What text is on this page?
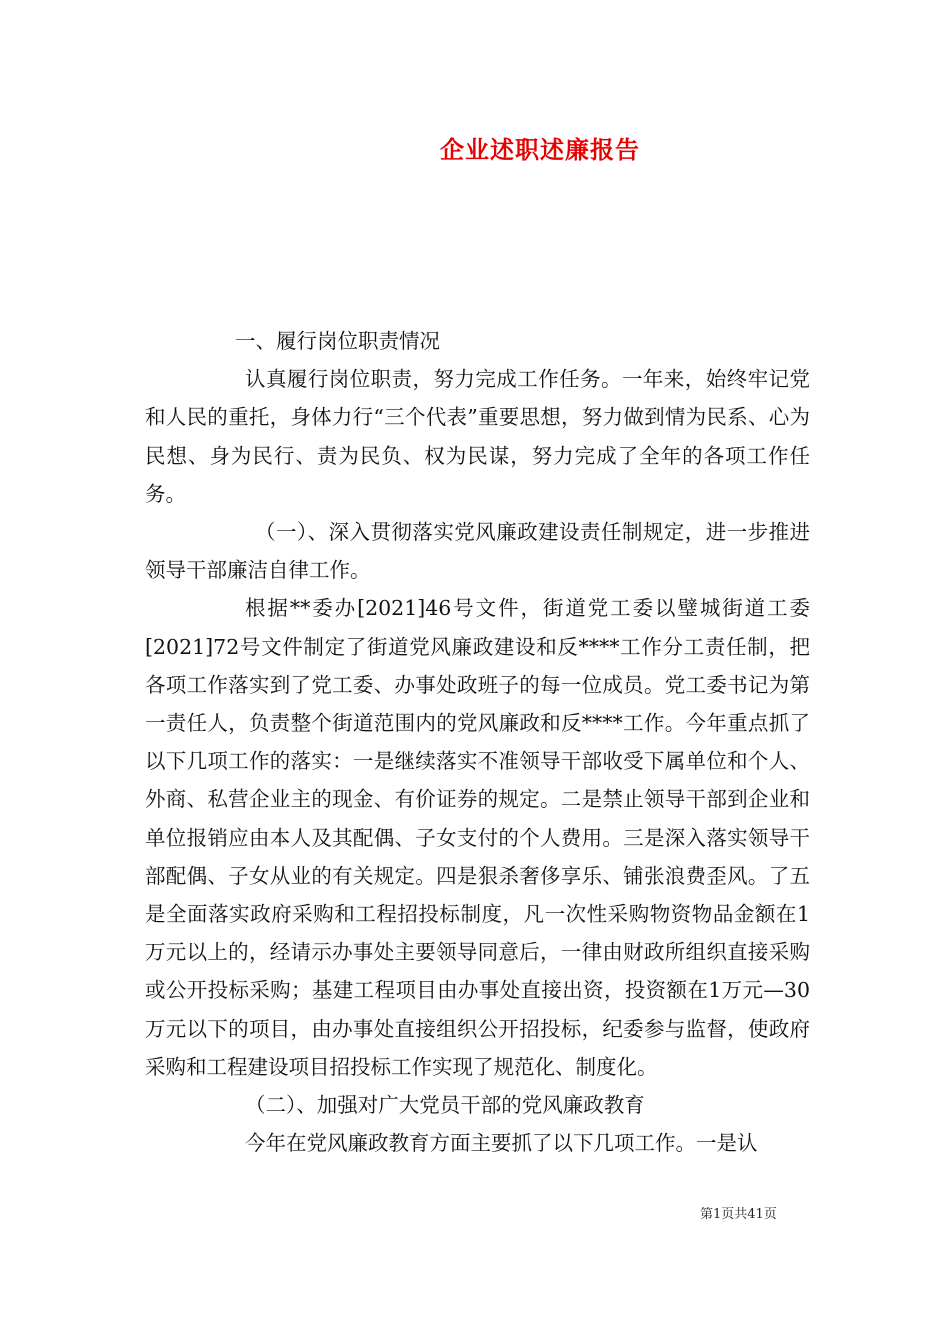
企业述职述廉报告

一、履行岗位职责情况

认真履行岗位职责，努力完成工作任务。一年来，始终牢记党和人民的重托，身体力行“三个代表”重要思想，努力做到情为民系、心为民想、身为民行、责为民负、权为民谋，努力完成了全年的各项工作任务。

（一）、深入贯彻落实党风廉政建设责任制规定，进一步推进领导干部廉洁自律工作。

根据**委办[2021]46号文件，街道党工委以璧城街道工委[2021]72号文件制定了街道党风廉政建设和反****工作分工责任制，把各项工作落实到了党工委、办事处政班子的每一位成员。党工委书记为第一责任人，负责整个街道范围内的党风廉政和反****工作。今年重点抓了以下几项工作的落实：一是继续落实不准领导干部收受下属单位和个人、外商、私营企业主的现金、有价证券的规定。二是禁止领导干部到企业和单位报销应由本人及其配偶、子女支付的个人费用。三是深入落实领导干部配偶、子女从业的有关规定。四是狠杀奢侈享乐、铺张浪费歪风。了五是全面落实政府采购和工程招投标制度，凡一次性采购物资物品金额在1万元以上的，经请示办事处主要领导同意后，一律由财政所组织直接采购或公开投标采购；基建工程项目由办事处直接出资，投资额在1万元—30万元以下的项目，由办事处直接组织公开招投标，纪委参与监督，使政府采购和工程建设项目招投标工作实现了规范化、制度化。

（二）、加强对广大党员干部的党风廉政教育

今年在党风廉政教育方面主要抓了以下几项工作。一是认

第1页共41页
